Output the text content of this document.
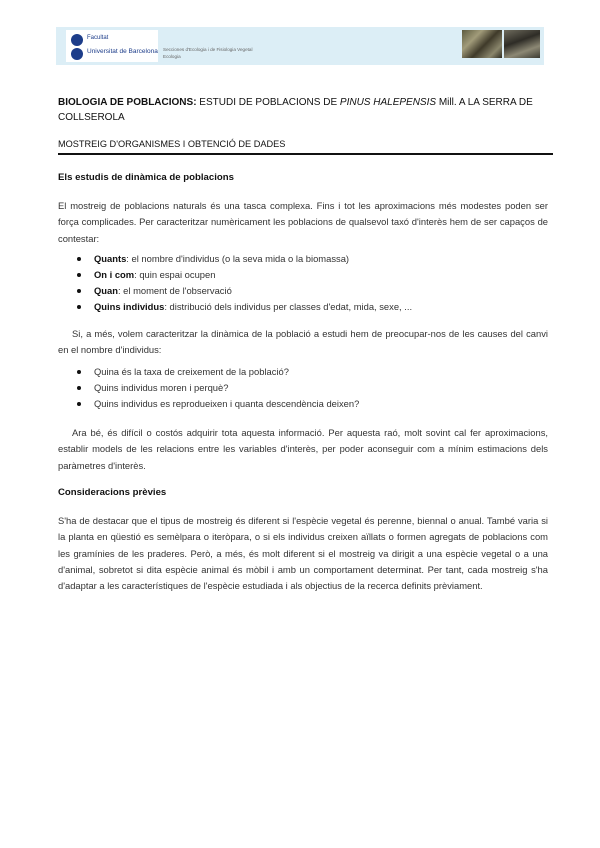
Facultat
Universitat de Barcelona Secciones d'Ecologia i de Fisiologia Vegetal
Ecologia
BIOLOGIA DE POBLACIONS: ESTUDI DE POBLACIONS DE PINUS HALEPENSIS Mill. A LA SERRA DE COLLSEROLA
MOSTREIG D'ORGANISMES I OBTENCIÓ DE DADES
Els estudis de dinàmica de poblacions

El mostreig de poblacions naturals és una tasca complexa. Fins i tot les aproximacions més modestes poden ser força complicades. Per caracteritzar numèricament les poblacions de qualsevol taxó d'interès hem de ser capaços de contestar:

Quants: el nombre d'individus (o la seva mida o la biomassa)
On i com: quin espai ocupen
Quan: el moment de l'observació
Quins individus: distribució dels individus per classes d'edat, mida, sexe, ...

Si, a més, volem caracteritzar la dinàmica de la població a estudi hem de preocupar-nos de les causes del canvi en el nombre d'individus:

Quina és la taxa de creixement de la població?
Quins individus moren i perquè?
Quins individus es reprodueixen i quanta descendència deixen?

Ara bé, és difícil o costós adquirir tota aquesta informació. Per aquesta raó, molt sovint cal fer aproximacions, establir models de les relacions entre les variables d'interès, per poder aconseguir com a mínim estimacions dels paràmetres d'interès.

Consideracions prèvies

S'ha de destacar que el tipus de mostreig és diferent si l'espècie vegetal és perenne, biennal o anual. També varia si la planta en qüestió es semèlpara o iteròpara, o si els individus creixen aïllats o formen agregats de poblacions com les gramínies de les praderes. Però, a més, és molt diferent si el mostreig va dirigit a una espècie vegetal o a una d'animal, sobretot si dita espècie animal és mòbil i amb un comportament determinat. Per tant, cada mostreig s'ha d'adaptar a les característiques de l'espècie estudiada i als objectius de la recerca definits prèviament.
